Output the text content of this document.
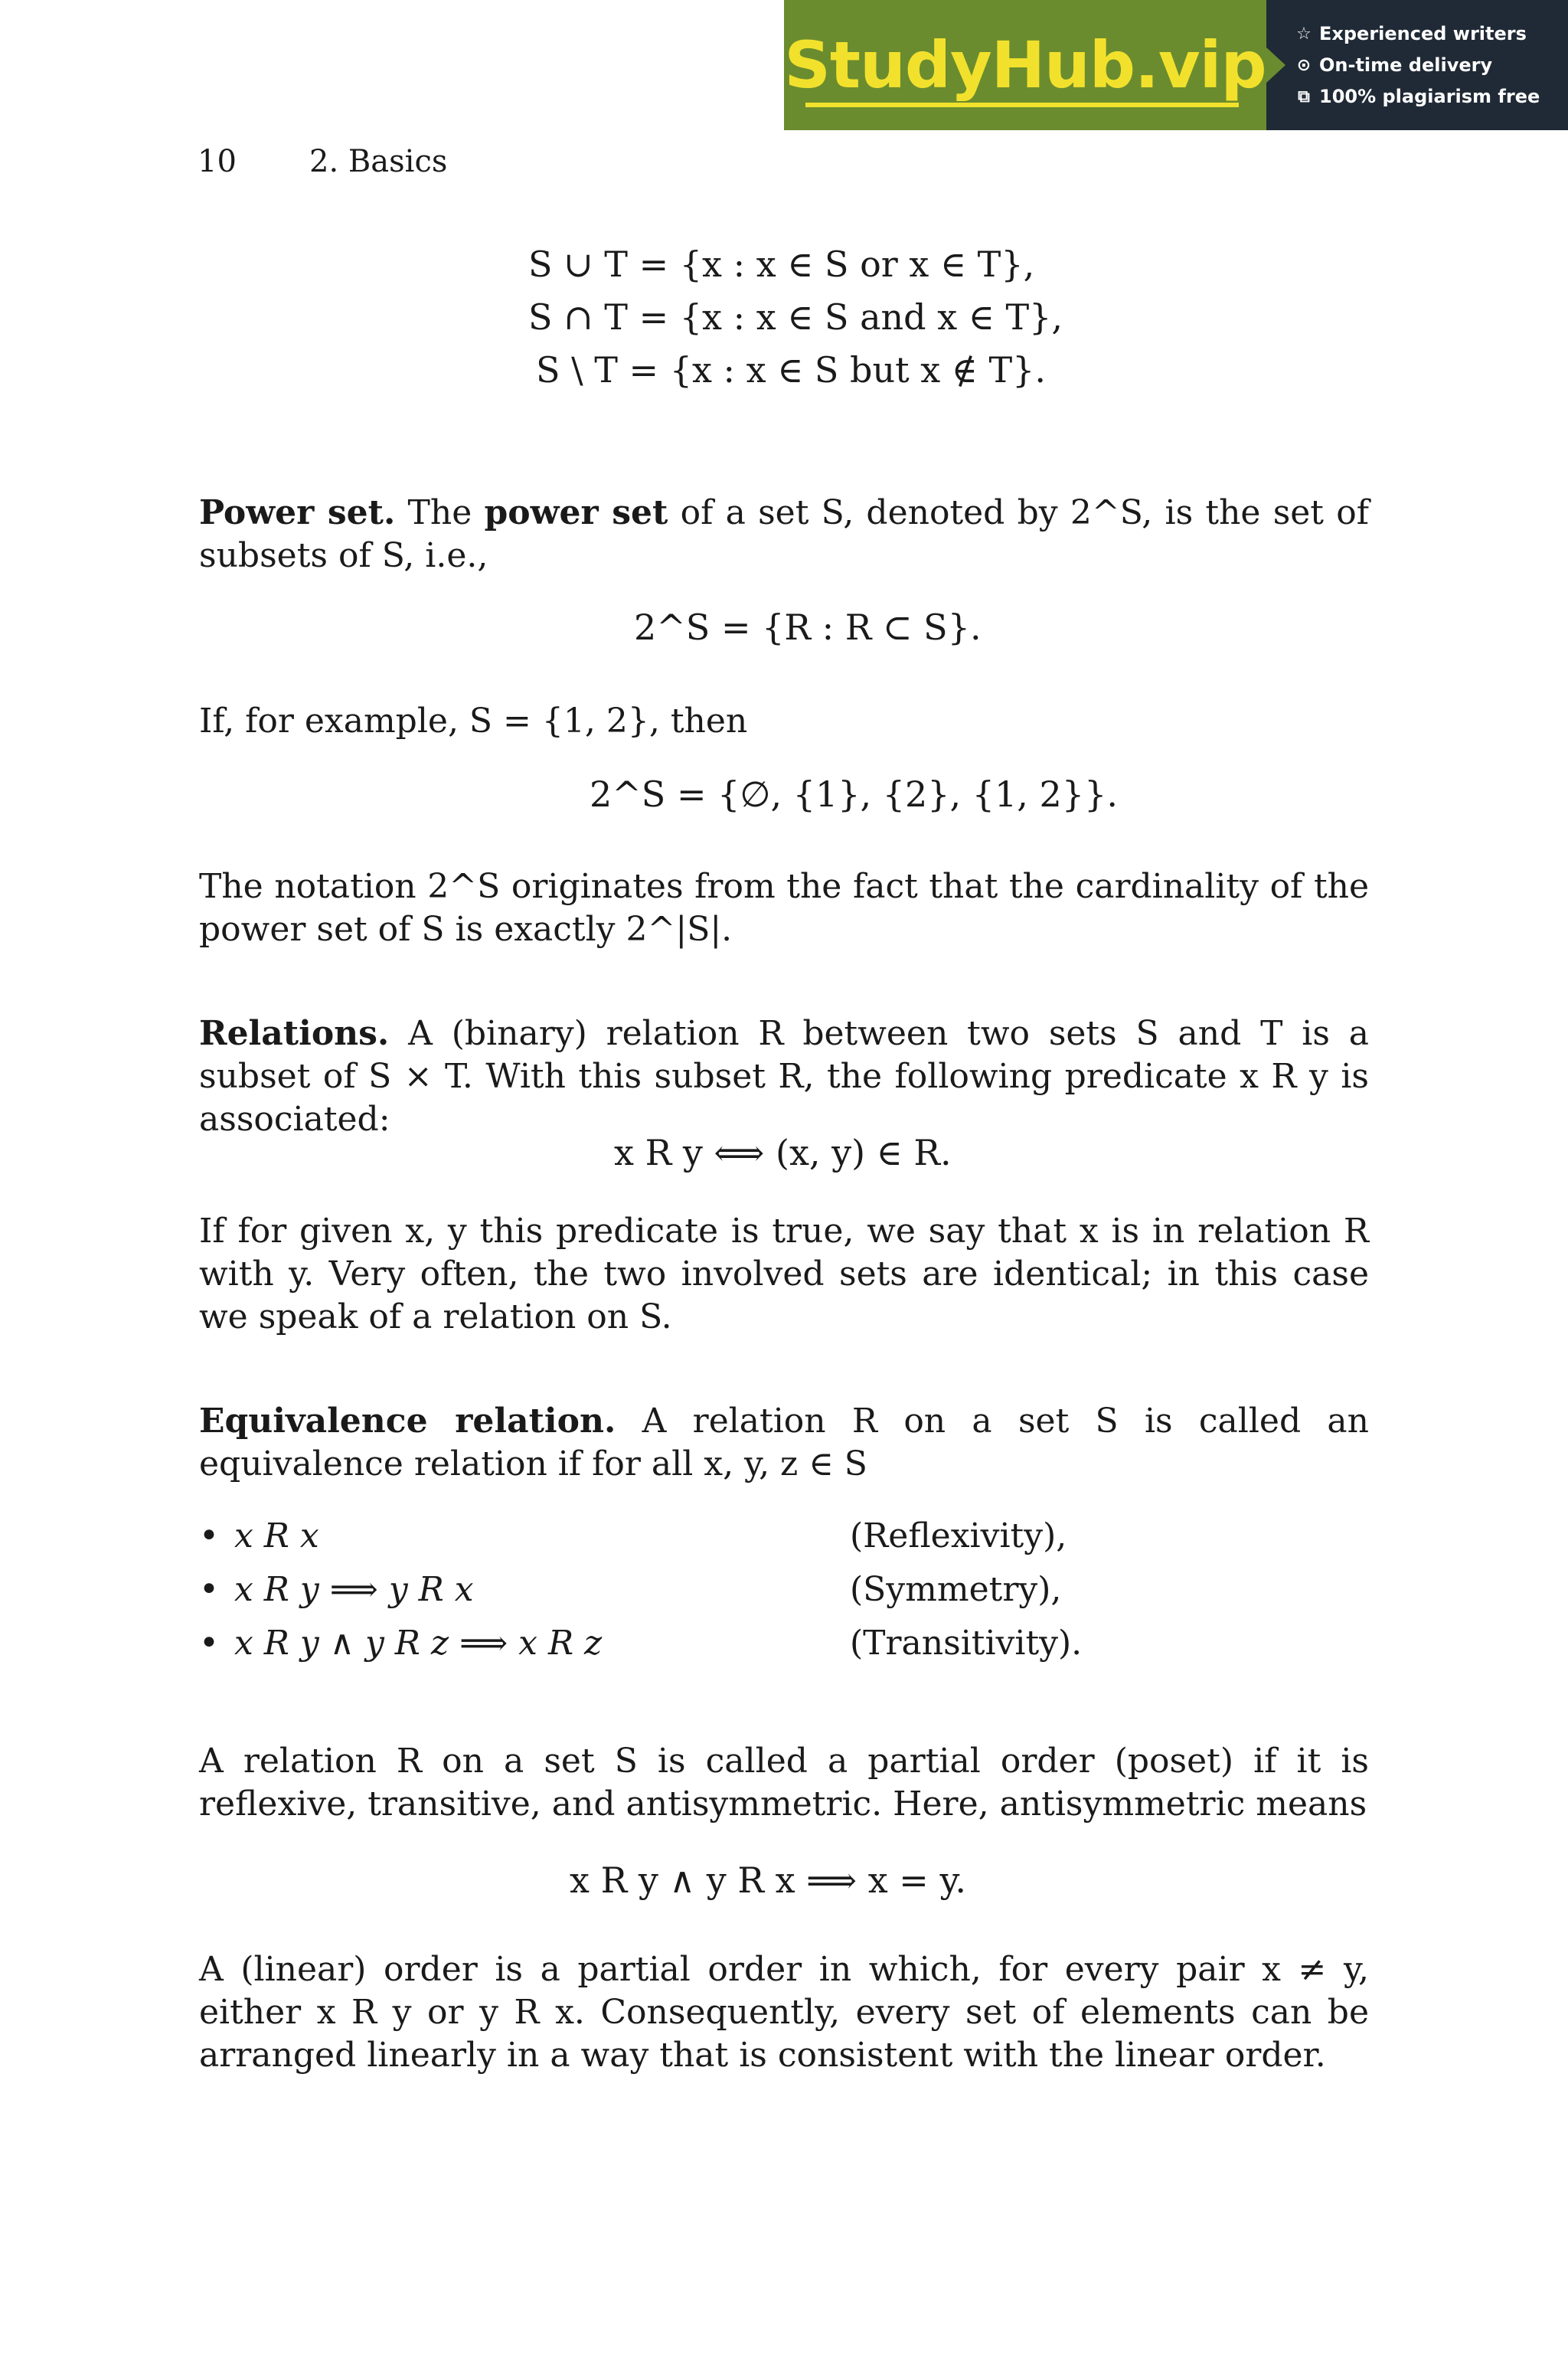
StudyHub.vip ☆ Experienced writers
⊙ On-time delivery
⧉ 100% plagiarism free
10 2. Basics
S ∪ T = {x : x ∈ S or x ∈ T},
S ∩ T = {x : x ∈ S and x ∈ T},
S \ T = {x : x ∈ S but x ∉ T}.
Power set. The power set of a set S, denoted by 2^S, is the set of subsets of S, i.e.,
2^S = {R : R ⊂ S}.
If, for example, S = {1, 2}, then
2^S = {∅, {1}, {2}, {1, 2}}.
The notation 2^S originates from the fact that the cardinality of the power set of S is exactly 2^|S|.
Relations. A (binary) relation R between two sets S and T is a subset of S × T. With this subset R, the following predicate x R y is associated:
x R y ⟺ (x, y) ∈ R.
If for given x, y this predicate is true, we say that x is in relation R with y. Very often, the two involved sets are identical; in this case we speak of a relation on S.
Equivalence relation. A relation R on a set S is called an equivalence relation if for all x, y, z ∈ S
• x R x	(Reflexivity),
• x R y ⟹ y R x	(Symmetry),
• x R y ∧ y R z ⟹ x R z	(Transitivity).
A relation R on a set S is called a partial order (poset) if it is reflexive, transitive, and antisymmetric. Here, antisymmetric means
x R y ∧ y R x ⟹ x = y.
A (linear) order is a partial order in which, for every pair x ≠ y, either x R y or y R x. Consequently, every set of elements can be arranged linearly in a way that is consistent with the linear order.
